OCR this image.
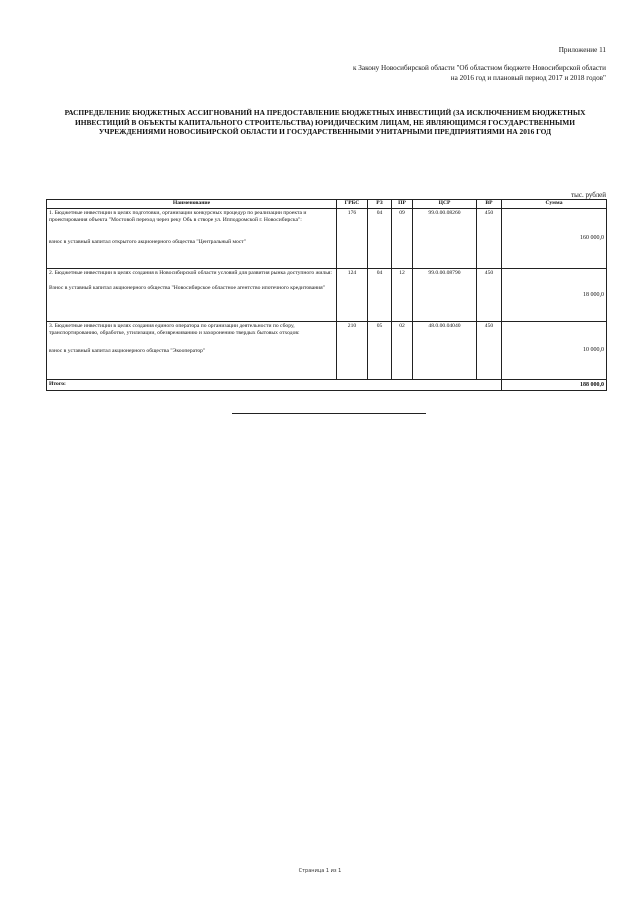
Приложение 11
к Закону Новосибирской области "Об областном бюджете Новосибирской области на 2016 год и плановый период 2017 и 2018 годов"
РАСПРЕДЕЛЕНИЕ БЮДЖЕТНЫХ АССИГНОВАНИЙ НА ПРЕДОСТАВЛЕНИЕ БЮДЖЕТНЫХ ИНВЕСТИЦИЙ (ЗА ИСКЛЮЧЕНИЕМ БЮДЖЕТНЫХ ИНВЕСТИЦИЙ В ОБЪЕКТЫ КАПИТАЛЬНОГО СТРОИТЕЛЬСТВА) ЮРИДИЧЕСКИМ ЛИЦАМ, НЕ ЯВЛЯЮЩИМСЯ ГОСУДАРСТВЕННЫМИ УЧРЕЖДЕНИЯМИ НОВОСИБИРСКОЙ ОБЛАСТИ И ГОСУДАРСТВЕННЫМИ УНИТАРНЫМИ ПРЕДПРИЯТИЯМИ НА 2016 ГОД
тыс. рублей
Наименование	ГРБС	РЗ	ПР	ЦСР	ВР	Сумма
1. Бюджетные инвестиции в целях подготовки, организации конкурсных процедур по реализации проекта и проектирования объекта "Мостовой переход через реку Обь в створе ул. Ипподромской г. Новосибирска":
взнос в уставный капитал открытого акционерного общества "Центральный мост"	176	04	09	99.0.00.08260	450	160 000,0
2. Бюджетные инвестиции в целях создания в Новосибирской области условий для развития рынка доступного жилья:
Взнос в уставный капитал акционерного общества "Новосибирское областное агентство ипотечного кредитования"	124	04	12	99.0.00.08790	450	18 000,0
3. Бюджетные инвестиции в целях создания единого оператора по организации деятельности по сбору, транспортированию, обработке, утилизации, обезвреживанию и захоронению твердых бытовых отходов:
взнос в уставный капитал акционерного общества "Экооператор"	210	05	02	48.0.00.04040	450	10 000,0
Итого:						188 000,0
Страница 1 из 1
